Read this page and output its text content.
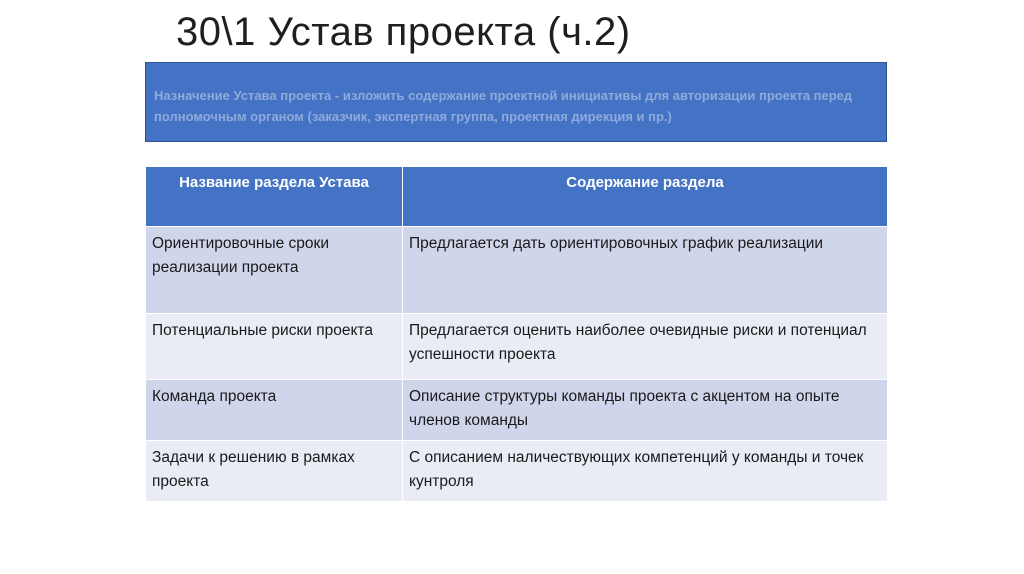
30\1 Устав проекта (ч.2)
Назначение Устава проекта - изложить содержание проектной инициативы для авторизации проекта перед полномочным органом (заказчик, экспертная группа, проектная дирекция и пр.)
Название раздела Устава	Содержание раздела
Ориентировочные сроки реализации проекта	Предлагается дать ориентировочных график реализации
Потенциальные риски проекта	Предлагается оценить наиболее очевидные риски и потенциал успешности проекта
Команда проекта	Описание структуры команды проекта с акцентом на опыте членов команды
Задачи к решению в рамках проекта	С описанием наличествующих компетенций у команды и точек кунтроля
